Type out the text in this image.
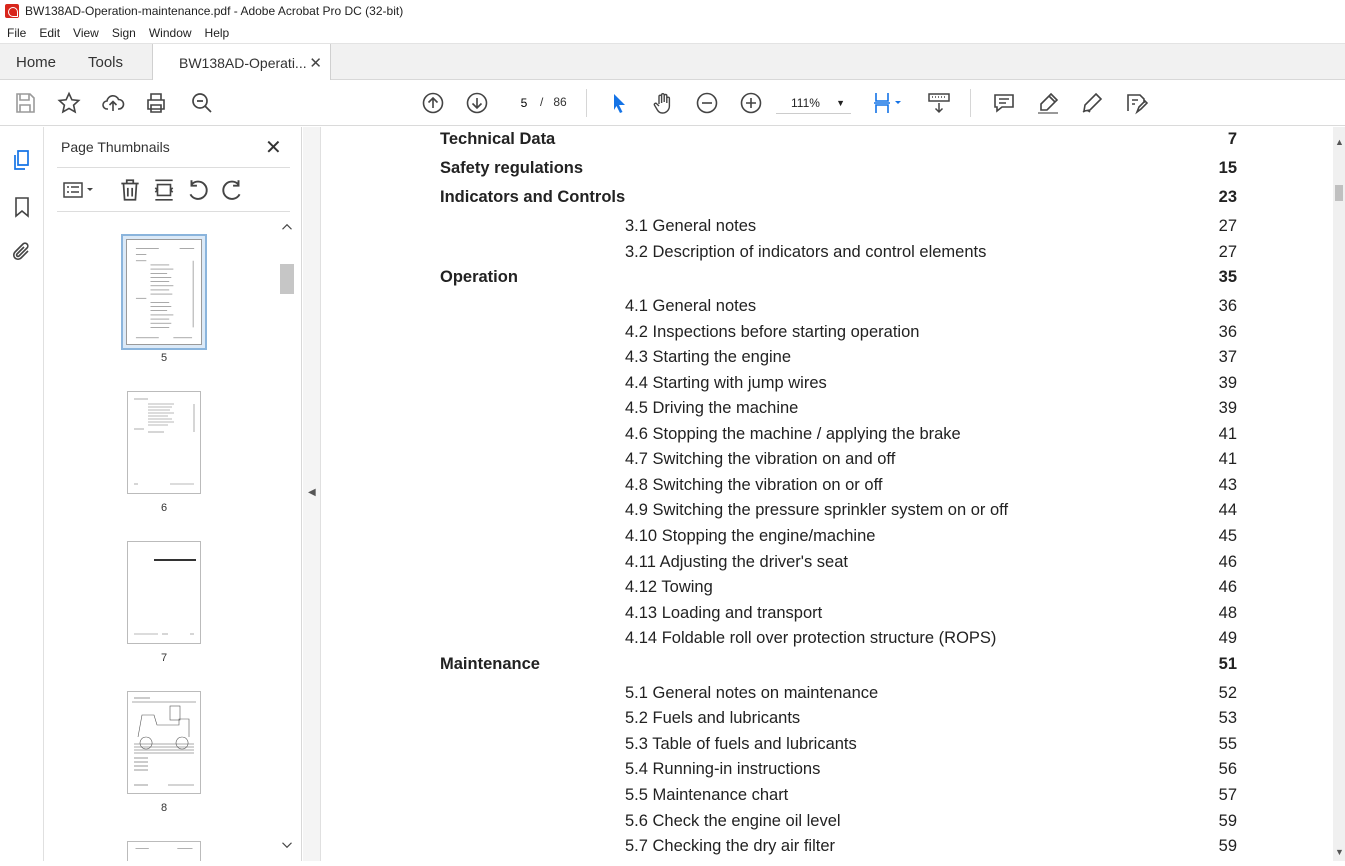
BW138AD-Operation-maintenance.pdf - Adobe Acrobat Pro DC (32-bit)
File	Edit	View	Sign	Window	Help
Home Tools	BW138AD-Operati... ✕
5
/ 86	111% ▼
Page Thumbnails	✕
5
6
7
8
◀
Technical Data	7
Safety regulations	15
Indicators and Controls	23
3.1 General notes	27
3.2 Description of indicators and control elements	27
Operation	35
4.1 General notes	36
4.2 Inspections before starting operation	36
4.3 Starting the engine	37
4.4 Starting with jump wires	39
4.5 Driving the machine	39
4.6 Stopping the machine / applying the brake	41
4.7 Switching the vibration on and off	41
4.8 Switching the vibration on or off	43
4.9 Switching the pressure sprinkler system on or off	44
4.10 Stopping the engine/machine	45
4.11 Adjusting the driver's seat	46
4.12 Towing	46
4.13 Loading and transport	48
4.14 Foldable roll over protection structure (ROPS)	49
Maintenance	51
5.1 General notes on maintenance	52
5.2 Fuels and lubricants	53
5.3 Table of fuels and lubricants	55
5.4 Running-in instructions	56
5.5 Maintenance chart	57
5.6 Check the engine oil level	59
5.7 Checking the dry air filter	59
▲
▼
